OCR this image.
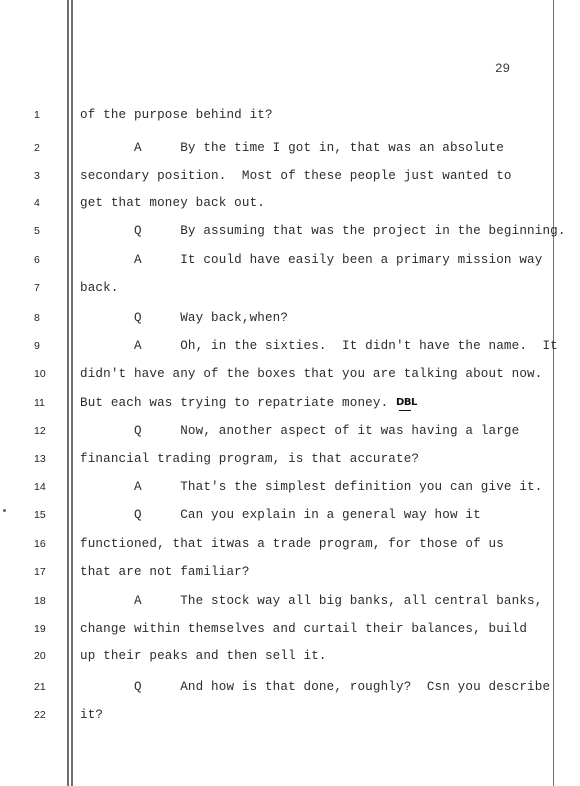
29
1	of the purpose behind it?
2	A     By the time I got in, that was an absolute
3	secondary position.  Most of these people just wanted to
4	get that money back out.
5	Q     By assuming that was the project in the beginning.
6	A     It could have easily been a primary mission way
7	back.
8	Q     Way back,when?
9	A     Oh, in the sixties.  It didn't have the name.  It
10	didn't have any of the boxes that you are talking about now.
11	But each was trying to repatriate money. DBL
12	Q     Now, another aspect of it was having a large
13	financial trading program, is that accurate?
14	A     That's the simplest definition you can give it.
15	Q     Can you explain in a general way how it
16	functioned, that itwas a trade program, for those of us
17	that are not familiar?
18	A     The stock way all big banks, all central banks,
19	change within themselves and curtail their balances, build
20	up their peaks and then sell it.
21	Q     And how is that done, roughly?  Csn you describe
22	it?
